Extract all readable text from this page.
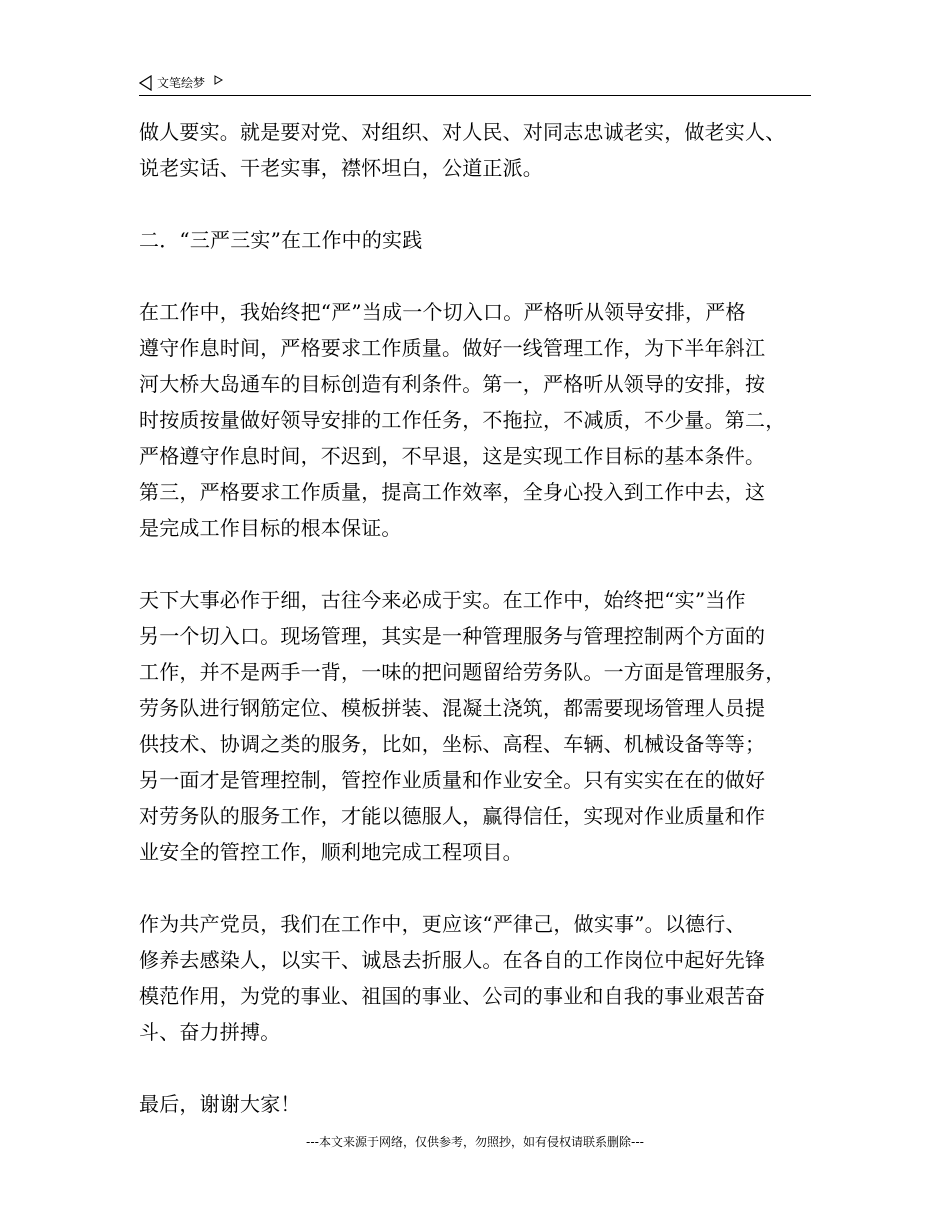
文笔绘梦

做人要实。就是要对党、对组织、对人民、对同志忠诚老实，做老实人、
说老实话、干老实事，襟怀坦白，公道正派。

二．“三严三实”在工作中的实践

在工作中，我始终把“严”当成一个切入口。严格听从领导安排，严格
遵守作息时间，严格要求工作质量。做好一线管理工作，为下半年斜江
河大桥大岛通车的目标创造有利条件。第一，严格听从领导的安排，按
时按质按量做好领导安排的工作任务，不拖拉，不减质，不少量。第二，
严格遵守作息时间，不迟到，不早退，这是实现工作目标的基本条件。
第三，严格要求工作质量，提高工作效率，全身心投入到工作中去，这
是完成工作目标的根本保证。

天下大事必作于细，古往今来必成于实。在工作中，始终把“实”当作
另一个切入口。现场管理，其实是一种管理服务与管理控制两个方面的
工作，并不是两手一背，一味的把问题留给劳务队。一方面是管理服务，
劳务队进行钢筋定位、模板拼装、混凝土浇筑，都需要现场管理人员提
供技术、协调之类的服务，比如，坐标、高程、车辆、机械设备等等；
另一面才是管理控制，管控作业质量和作业安全。只有实实在在的做好
对劳务队的服务工作，才能以德服人，赢得信任，实现对作业质量和作
业安全的管控工作，顺利地完成工程项目。

作为共产党员，我们在工作中，更应该“严律己，做实事”。以德行、
修养去感染人，以实干、诚恳去折服人。在各自的工作岗位中起好先锋
模范作用，为党的事业、祖国的事业、公司的事业和自我的事业艰苦奋
斗、奋力拼搏。

最后，谢谢大家！

---本文来源于网络，仅供参考，勿照抄，如有侵权请联系删除---
